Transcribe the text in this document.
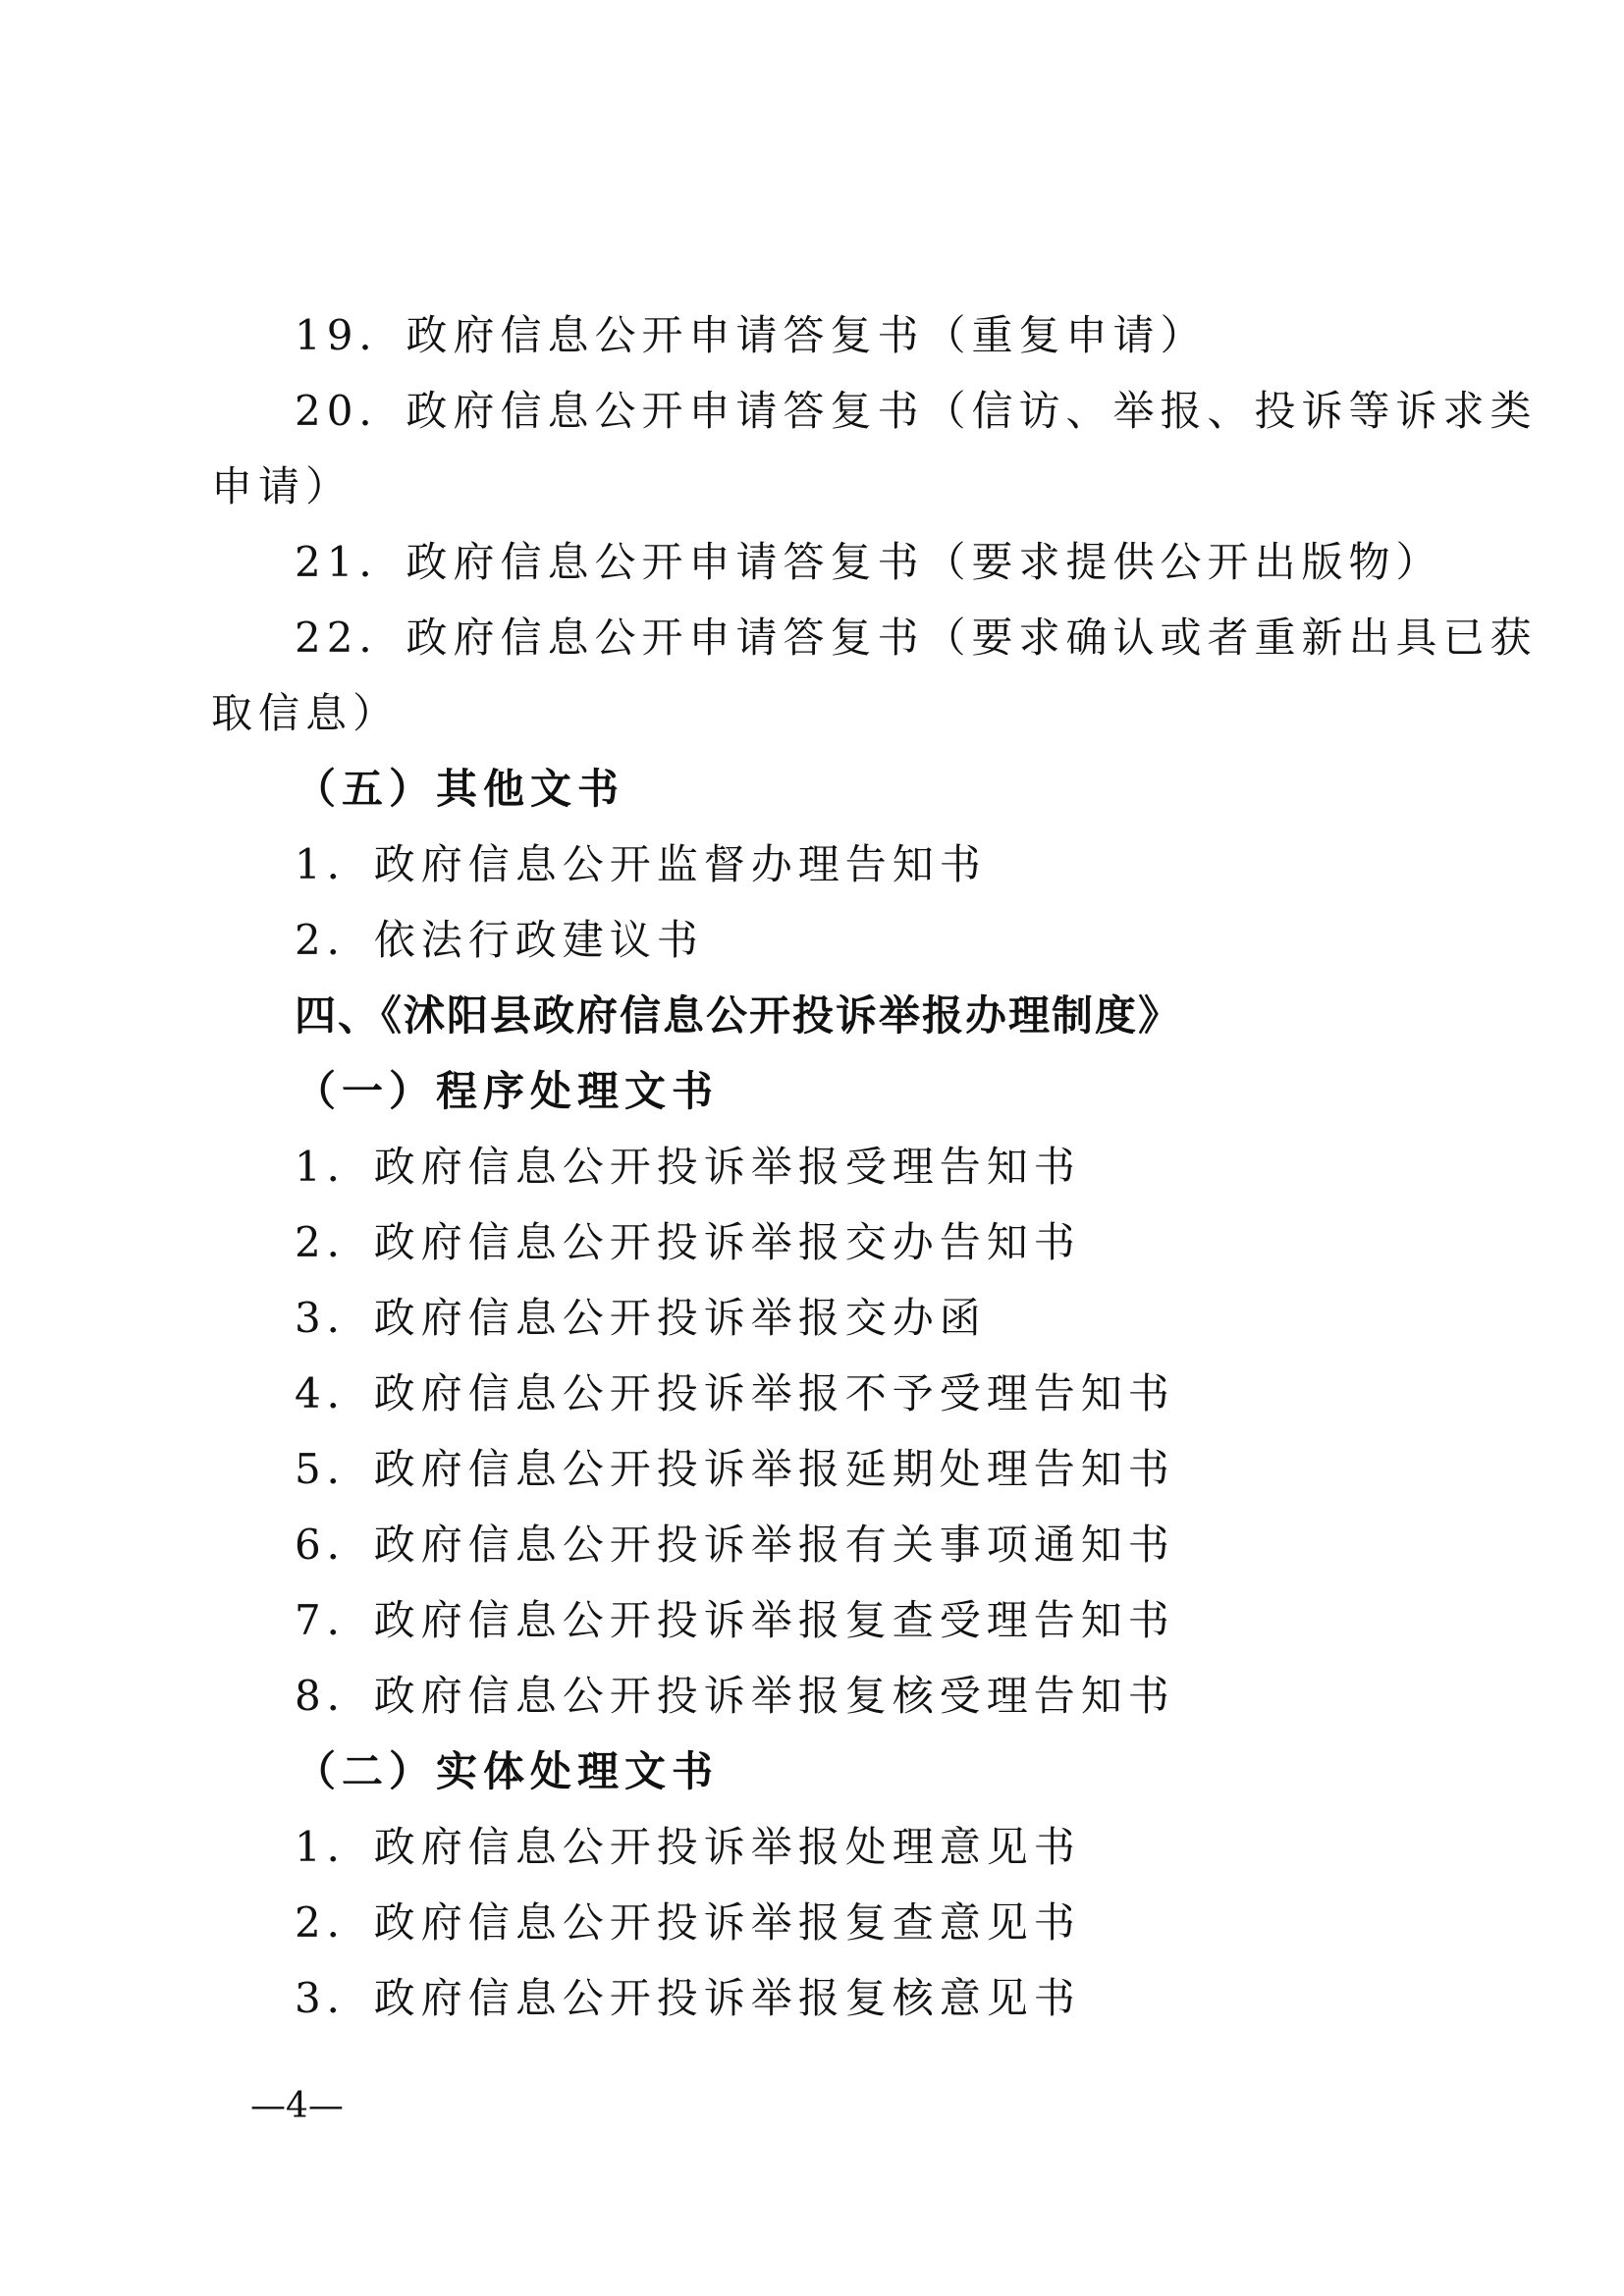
19．政府信息公开申请答复书（重复申请）
20．政府信息公开申请答复书（信访、举报、投诉等诉求类
申请）
21．政府信息公开申请答复书（要求提供公开出版物）
22．政府信息公开申请答复书（要求确认或者重新出具已获
取信息）
（五）其他文书
1．政府信息公开监督办理告知书
2．依法行政建议书
四、《沭阳县政府信息公开投诉举报办理制度》
（一）程序处理文书
1．政府信息公开投诉举报受理告知书
2．政府信息公开投诉举报交办告知书
3．政府信息公开投诉举报交办函
4．政府信息公开投诉举报不予受理告知书
5．政府信息公开投诉举报延期处理告知书
6．政府信息公开投诉举报有关事项通知书
7．政府信息公开投诉举报复查受理告知书
8．政府信息公开投诉举报复核受理告知书
（二）实体处理文书
1．政府信息公开投诉举报处理意见书
2．政府信息公开投诉举报复查意见书
3．政府信息公开投诉举报复核意见书
—4—
